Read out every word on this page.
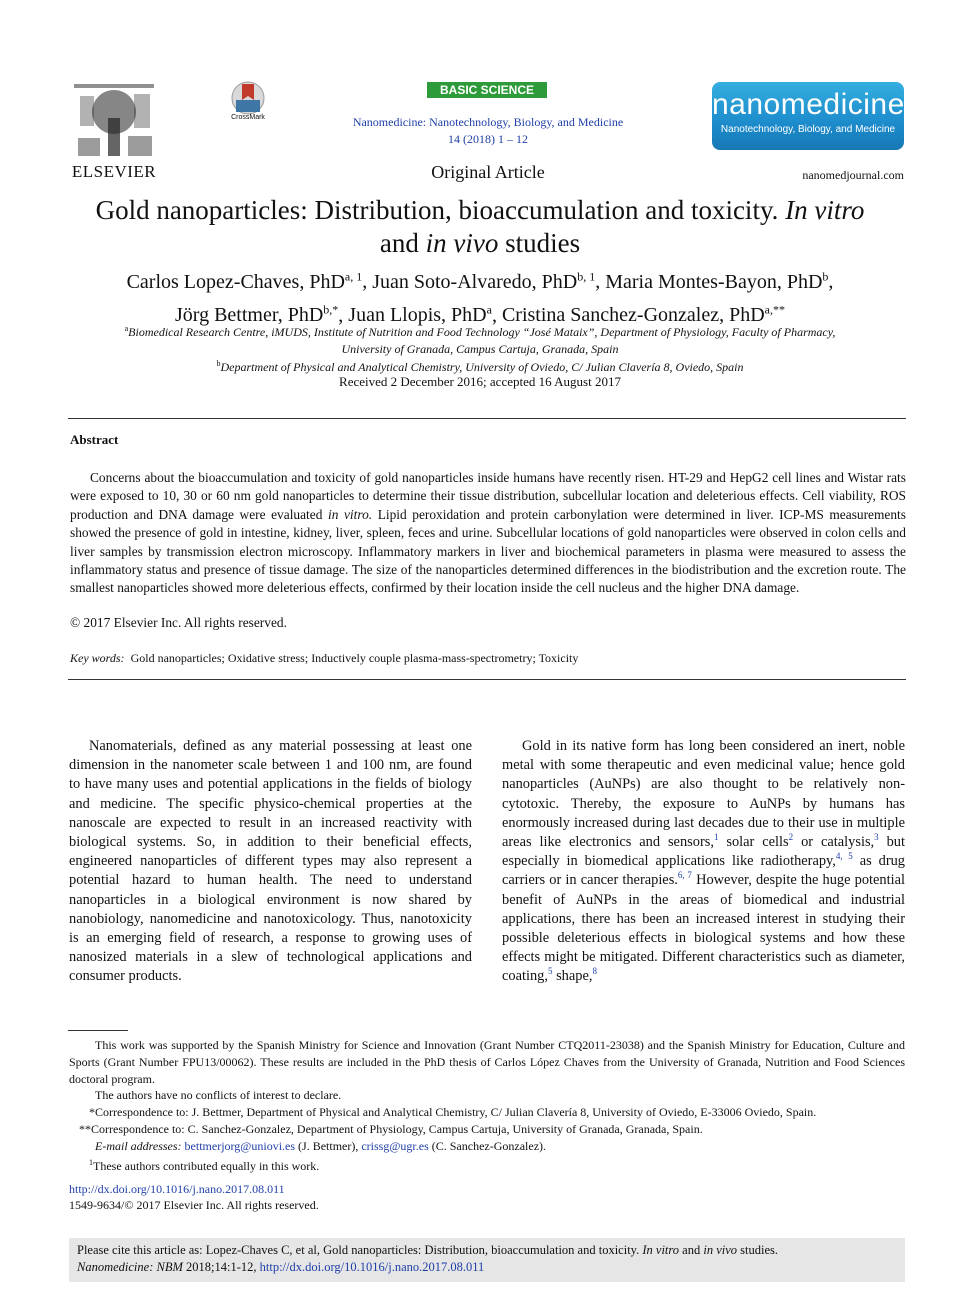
ELSEVIER
CrossMark
BASIC SCIENCE
Nanomedicine: Nanotechnology, Biology, and Medicine
14 (2018) 1 – 12
Original Article
nanomedicine
Nanotechnology, Biology, and Medicine
nanomedjournal.com
Gold nanoparticles: Distribution, bioaccumulation and toxicity. In vitro
and in vivo studies
Carlos Lopez-Chaves, PhD$^{a, 1}$, Juan Soto-Alvaredo, PhD$^{b, 1}$, Maria Montes-Bayon, PhD$^b$,
Jörg Bettmer, PhD$^{b,*}$, Juan Llopis, PhD$^a$, Cristina Sanchez-Gonzalez, PhD$^{a,**}$
$^a$Biomedical Research Centre, iMUDS, Institute of Nutrition and Food Technology “José Mataix”, Department of Physiology, Faculty of Pharmacy,
University of Granada, Campus Cartuja, Granada, Spain
$^b$Department of Physical and Analytical Chemistry, University of Oviedo, C/ Julian Clavería 8, Oviedo, Spain
Received 2 December 2016; accepted 16 August 2017
Abstract
Concerns about the bioaccumulation and toxicity of gold nanoparticles inside humans have recently risen. HT-29 and HepG2 cell lines and Wistar rats were exposed to 10, 30 or 60 nm gold nanoparticles to determine their tissue distribution, subcellular location and deleterious effects. Cell viability, ROS production and DNA damage were evaluated in vitro. Lipid peroxidation and protein carbonylation were determined in liver. ICP-MS measurements showed the presence of gold in intestine, kidney, liver, spleen, feces and urine. Subcellular locations of gold nanoparticles were observed in colon cells and liver samples by transmission electron microscopy. Inflammatory markers in liver and biochemical parameters in plasma were measured to assess the inflammatory status and presence of tissue damage. The size of the nanoparticles determined differences in the biodistribution and the excretion route. The smallest nanoparticles showed more deleterious effects, confirmed by their location inside the cell nucleus and the higher DNA damage.
© 2017 Elsevier Inc. All rights reserved.
Key words: Gold nanoparticles; Oxidative stress; Inductively couple plasma-mass-spectrometry; Toxicity
Nanomaterials, defined as any material possessing at least one dimension in the nanometer scale between 1 and 100 nm, are found to have many uses and potential applications in the fields of biology and medicine. The specific physico-chemical properties at the nanoscale are expected to result in an increased reactivity with biological systems. So, in addition to their beneficial effects, engineered nanoparticles of different types may also represent a potential hazard to human health. The need to understand nanoparticles in a biological environment is now shared by nanobiology, nanomedicine and nanotoxicology. Thus, nanotoxicity is an emerging field of research, a response to growing uses of nanosized materials in a slew of technological applications and consumer products.
Gold in its native form has long been considered an inert, noble metal with some therapeutic and even medicinal value; hence gold nanoparticles (AuNPs) are also thought to be relatively non-cytotoxic. Thereby, the exposure to AuNPs by humans has enormously increased during last decades due to their use in multiple areas like electronics and sensors,$^1$ solar cells$^2$ or catalysis,$^3$ but especially in biomedical applications like radiotherapy,$^{4, 5}$ as drug carriers or in cancer therapies.$^{6, 7}$ However, despite the huge potential benefit of AuNPs in the areas of biomedical and industrial applications, there has been an increased interest in studying their possible deleterious effects in biological systems and how these effects might be mitigated. Different characteristics such as diameter, coating,$^5$ shape,$^8$

This work was supported by the Spanish Ministry for Science and Innovation (Grant Number CTQ2011-23038) and the Spanish Ministry for Education, Culture and Sports (Grant Number FPU13/00062). These results are included in the PhD thesis of Carlos López Chaves from the University of Granada, Nutrition and Food Sciences doctoral program.

The authors have no conflicts of interest to declare.

*Correspondence to: J. Bettmer, Department of Physical and Analytical Chemistry, C/ Julian Clavería 8, University of Oviedo, E-33006 Oviedo, Spain.

**Correspondence to: C. Sanchez-Gonzalez, Department of Physiology, Campus Cartuja, University of Granada, Granada, Spain.

E-mail addresses: bettmerjorg@uniovi.es (J. Bettmer), crissg@ugr.es (C. Sanchez-Gonzalez).

$^1$These authors contributed equally in this work.

http://dx.doi.org/10.1016/j.nano.2017.08.011
1549-9634/© 2017 Elsevier Inc. All rights reserved.
Please cite this article as: Lopez-Chaves C, et al, Gold nanoparticles: Distribution, bioaccumulation and toxicity. In vitro and in vivo studies.
Nanomedicine: NBM 2018;14:1-12, http://dx.doi.org/10.1016/j.nano.2017.08.011
